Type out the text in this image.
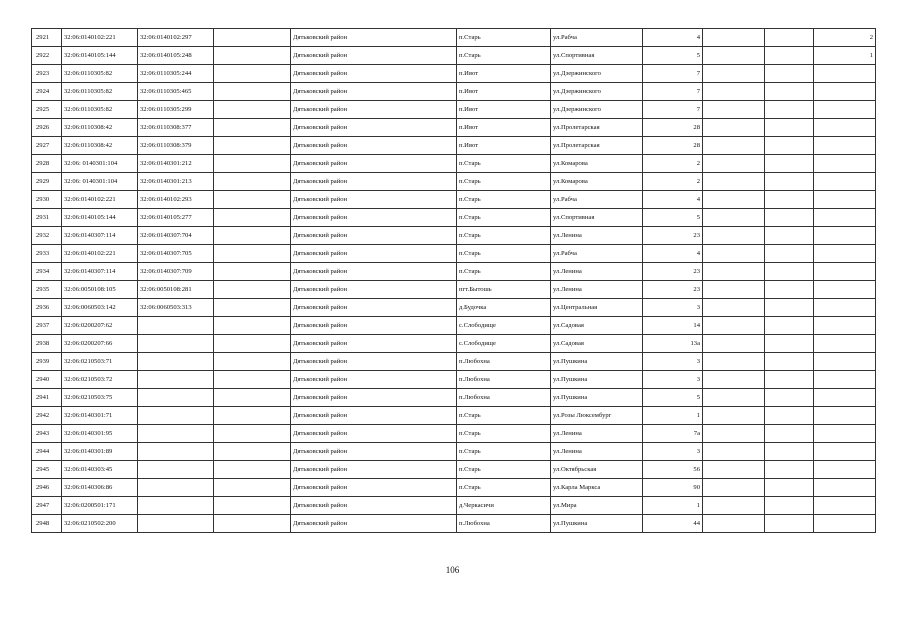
2921	32:06:0140102:221	32:06:0140102:297		Дятьковский район	п.Старь	ул.Рабча	4			2
2922	32:06:0140105:144	32:06:0140105:248		Дятьковский район	п.Старь	ул.Спортивная	5			1
2923	32:06:0110305:82	32:06:0110305:244		Дятьковский район	п.Ивот	ул.Дзержинского	7			
2924	32:06:0110305:82	32:06:0110305:465		Дятьковский район	п.Ивот	ул.Дзержинского	7			
2925	32:06:0110305:82	32:06:0110305:299		Дятьковский район	п.Ивот	ул.Дзержинского	7			
2926	32:06:0110308:42	32:06:0110308:377		Дятьковский район	п.Ивот	ул.Пролетарская	28			
2927	32:06:0110308:42	32:06:0110308:379		Дятьковский район	п.Ивот	ул.Пролетарская	28			
2928	32:06: 0140301:104	32:06:0140301:212		Дятьковский район	п.Старь	ул.Комарова	2			
2929	32:06: 0140301:104	32:06:0140301:213		Дятьковский район	п.Старь	ул.Комарова	2			
2930	32:06:0140102:221	32:06:0140102:293		Дятьковский район	п.Старь	ул.Рабча	4			
2931	32:06:0140105:144	32:06:0140105:277		Дятьковский район	п.Старь	ул.Спортивная	5			
2932	32:06:0140307:114	32:06:0140307:704		Дятьковский район	п.Старь	ул.Ленина	23			
2933	32:06:0140102:221	32:06:0140307:705		Дятьковский район	п.Старь	ул.Рабча	4			
2934	32:06:0140307:114	32:06:0140307:709		Дятьковский район	п.Старь	ул.Ленина	23			
2935	32:06:0050108:105	32:06:0050108:281		Дятьковский район	пгт.Бытошь	ул.Ленина	23			
2936	32:06:0060503:142	32:06:0060503:313		Дятьковский район	д.Будочка	ул.Центральная	3			
2937	32:06:0200207:62			Дятьковский район	с.Слободище	ул.Садовая	14			
2938	32:06:0200207:66			Дятьковский район	с.Слободище	ул.Садовая	13а			
2939	32:06:0210503:71			Дятьковский район	п.Любохна	ул.Пушкина	3			
2940	32:06:0210503:72			Дятьковский район	п.Любохна	ул.Пушкина	3			
2941	32:06:0210503:75			Дятьковский район	п.Любохна	ул.Пушкина	5			
2942	32:06:0140301:71			Дятьковский район	п.Старь	ул.Розы Люксембург	1			
2943	32:06:0140301:95			Дятьковский район	п.Старь	ул.Ленина	7а			
2944	32:06:0140301:89			Дятьковский район	п.Старь	ул.Ленина	3			
2945	32:06:0140303:45			Дятьковский район	п.Старь	ул.Октябрьская	56			
2946	32:06:0140306:86			Дятьковский район	п.Старь	ул.Карла Маркса	90			
2947	32:06:0200501:171			Дятьковский район	д.Черкасичи	ул.Мира	1			
2948	32:06:0210502:200			Дятьковский район	п.Любохна	ул.Пушкина	44			
106
